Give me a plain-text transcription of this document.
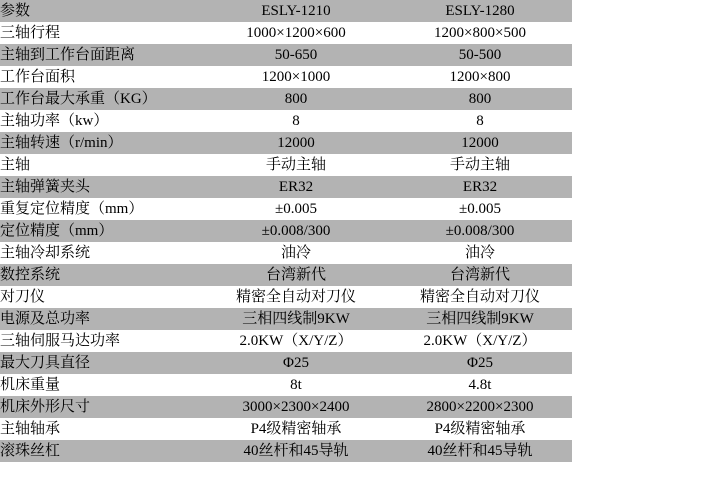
参数	ESLY-1210	ESLY-1280	
三轴行程	1000×1200×600	1200×800×500	
主轴到工作台面距离	50-650	50-500	
工作台面积	1200×1000	1200×800	
工作台最大承重（KG）	800	800	
主轴功率（kw）	8	8	
主轴转速（r/min）	12000	12000	
主轴	手动主轴	手动主轴	
主轴弹簧夹头	ER32	ER32	
重复定位精度（mm）	±0.005	±0.005	
定位精度（mm）	±0.008/300	±0.008/300	
主轴冷却系统	油冷	油冷	
数控系统	台湾新代	台湾新代	
对刀仪	精密全自动对刀仪	精密全自动对刀仪	
电源及总功率	三相四线制9KW	三相四线制9KW	
三轴伺服马达功率	2.0KW（X/Y/Z）	2.0KW（X/Y/Z）	
最大刀具直径	Φ25	Φ25	
机床重量	8t	4.8t	
机床外形尺寸	3000×2300×2400	2800×2200×2300	
主轴轴承	P4级精密轴承	P4级精密轴承	
滚珠丝杠	40丝杆和45导轨	40丝杆和45导轨	
